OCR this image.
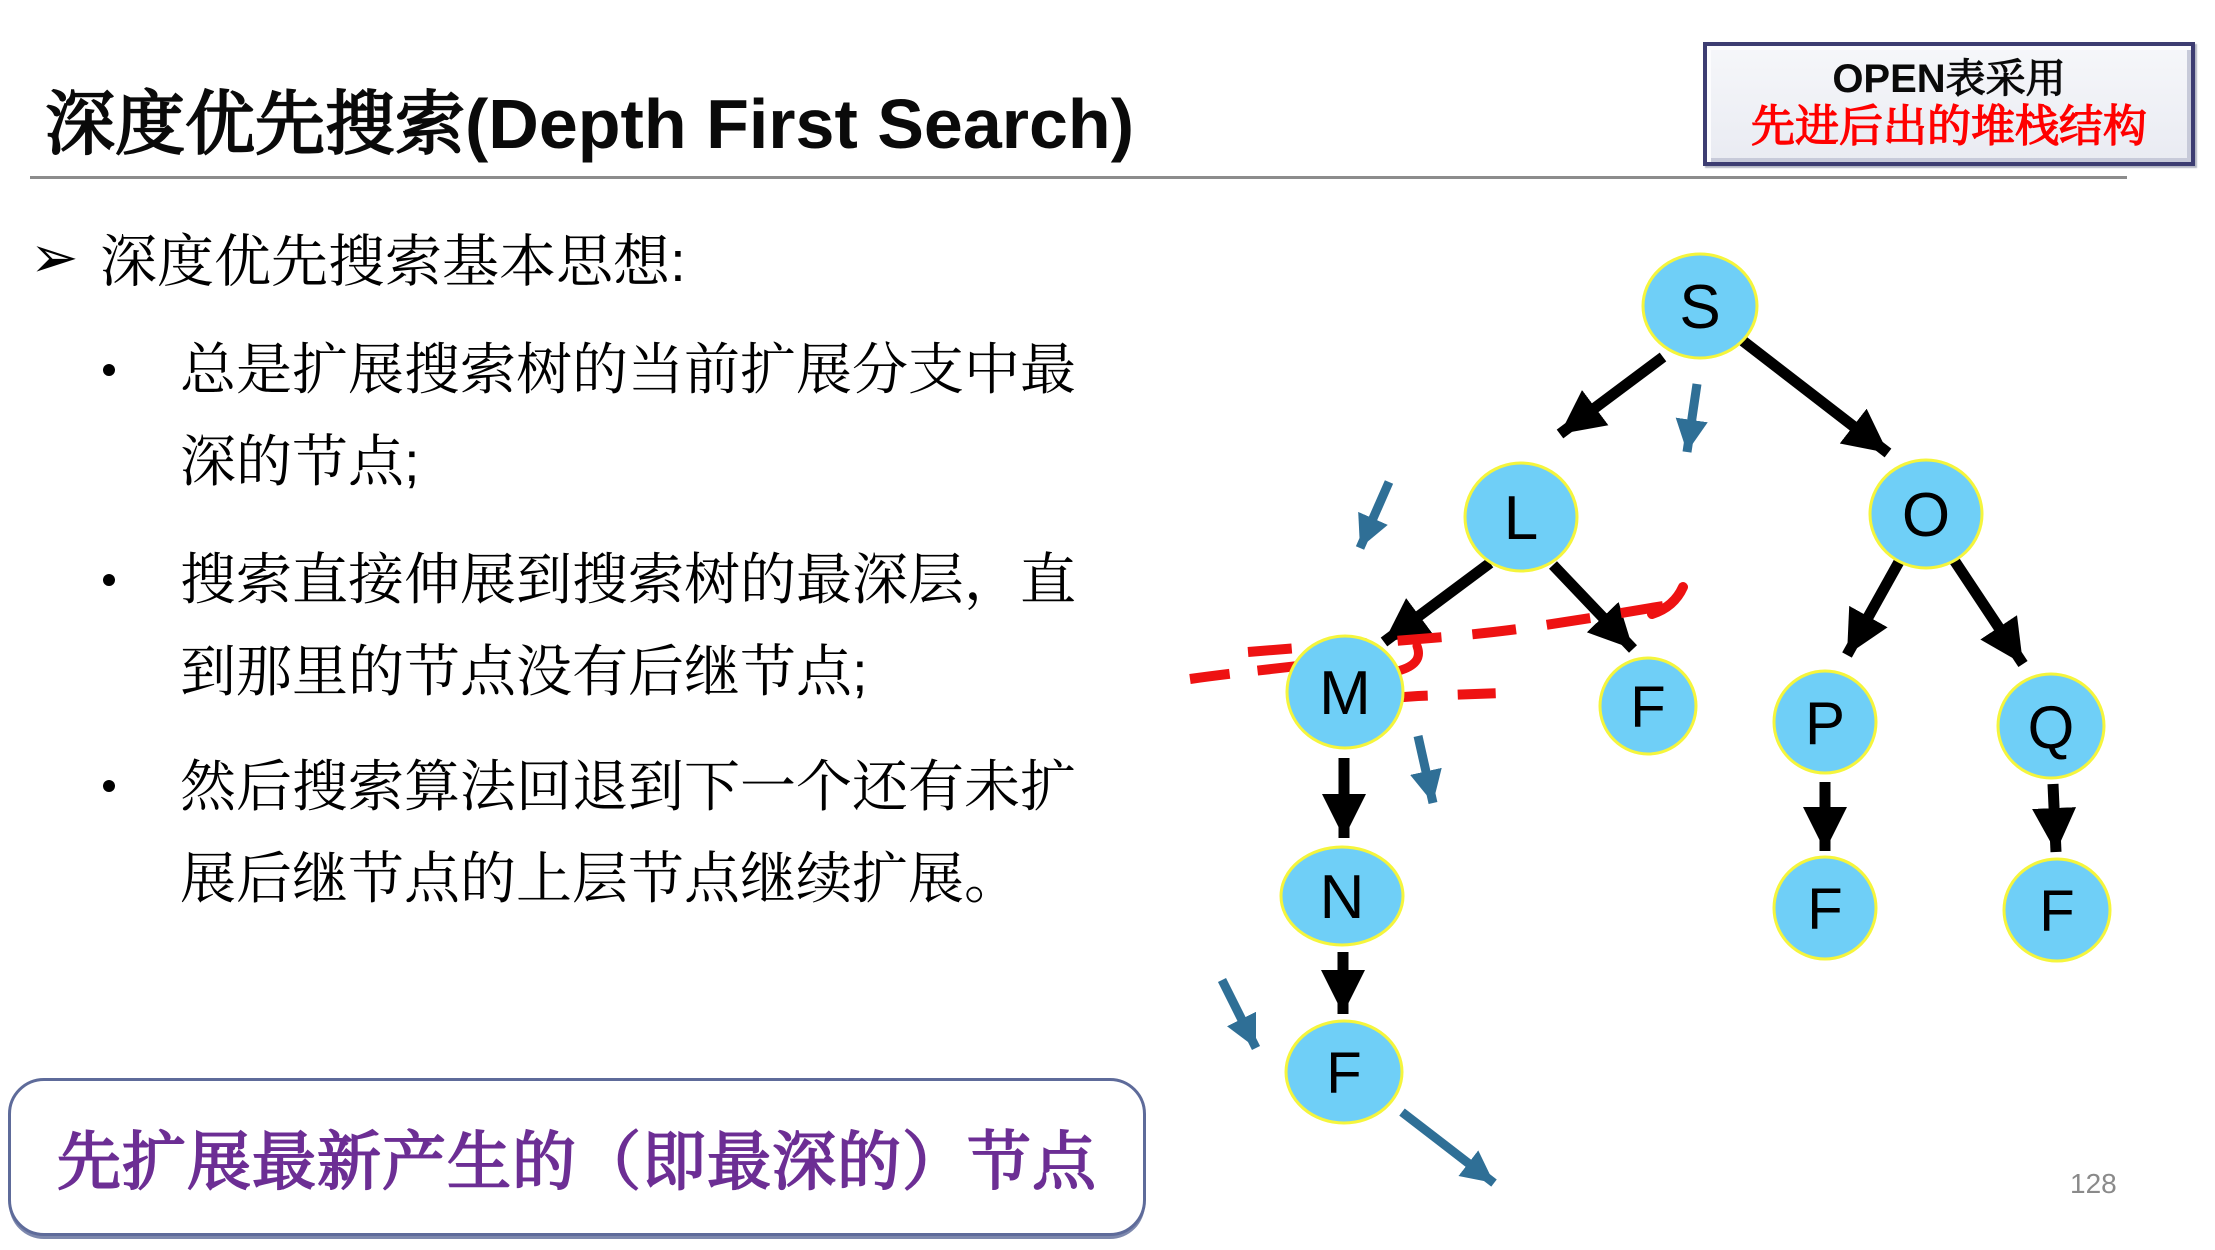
深度优先搜索(Depth First Search)
OPEN表采用
先进后出的堆栈结构
➢ 深度优先搜索基本思想:
总是扩展搜索树的当前扩展分支中最
深的节点;
搜索直接伸展到搜索树的最深层，直
到那里的节点没有后继节点;
然后搜索算法回退到下一个还有未扩
展后继节点的上层节点继续扩展。
先扩展最新产生的（即最深的）节点	128
S
L	O
M	F P	Q
N
F
F	F
